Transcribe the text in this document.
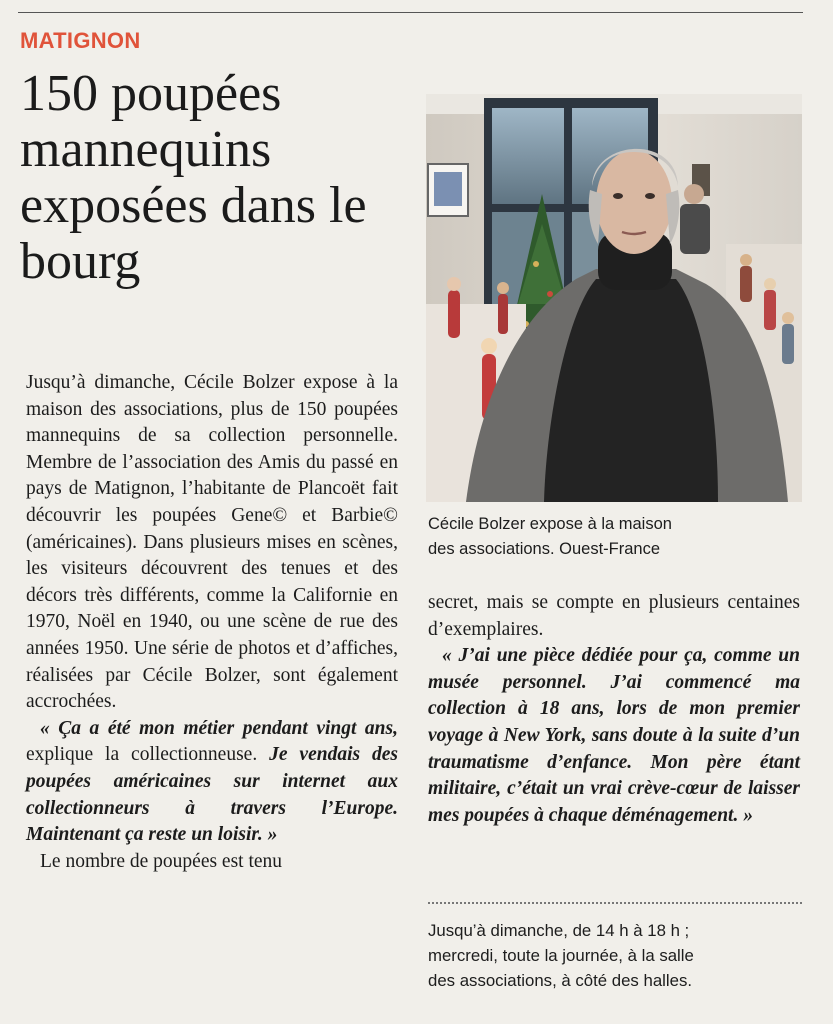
MATIGNON
150 poupées mannequins exposées dans le bourg
Cécile Bolzer expose à la maison
des associations. Ouest-France

Jusqu’à dimanche, Cécile Bolzer expose à la maison des associations, plus de 150 poupées mannequins de sa collection personnelle. Membre de l’association des Amis du passé en pays de Matignon, l’habitante de Plancoët fait découvrir les poupées Gene© et Barbie© (américaines). Dans plusieurs mises en scènes, les visiteurs découvrent des tenues et des décors très différents, comme la Californie en 1970, Noël en 1940, ou une scène de rue des années 1950. Une série de photos et d’affiches, réalisées par Cécile Bolzer, sont également accrochées.

« Ça a été mon métier pendant vingt ans, explique la collectionneuse. Je vendais des poupées américaines sur internet aux collectionneurs à travers l’Europe. Maintenant ça reste un loisir. »

Le nombre de poupées est tenu

secret, mais se compte en plusieurs centaines d’exemplaires.

« J’ai une pièce dédiée pour ça, comme un musée personnel. J’ai commencé ma collection à 18 ans, lors de mon premier voyage à New York, sans doute à la suite d’un traumatisme d’enfance. Mon père étant militaire, c’était un vrai crève-cœur de laisser mes poupées à chaque déménagement. »

Jusqu’à dimanche, de 14 h à 18 h ;
mercredi, toute la journée, à la salle
des associations, à côté des halles.
